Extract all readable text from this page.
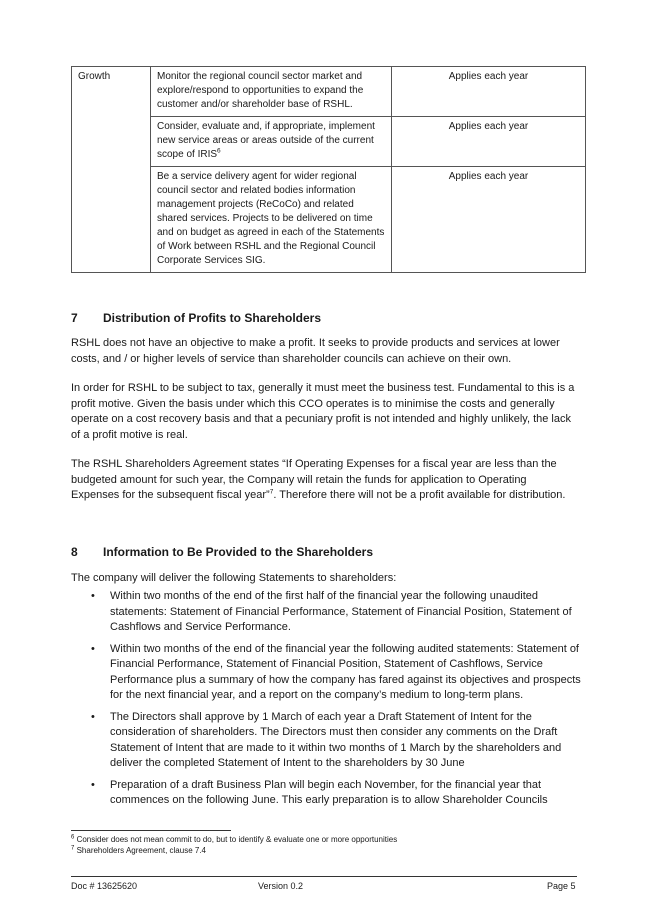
Growth	Monitor the regional council sector market and explore/respond to opportunities to expand the customer and/or shareholder base of RSHL.	Applies each year
	Consider, evaluate and, if appropriate, implement new service areas or areas outside of the current scope of IRIS$^6$	Applies each year
	Be a service delivery agent for wider regional council sector and related bodies information management projects (ReCoCo) and related shared services. Projects to be delivered on time and on budget as agreed in each of the Statements of Work between RSHL and the Regional Council Corporate Services SIG.	Applies each year
7 Distribution of Profits to Shareholders

RSHL does not have an objective to make a profit. It seeks to provide products and services at lower costs, and / or higher levels of service than shareholder councils can achieve on their own.

In order for RSHL to be subject to tax, generally it must meet the business test. Fundamental to this is a profit motive. Given the basis under which this CCO operates is to minimise the costs and generally operate on a cost recovery basis and that a pecuniary profit is not intended and highly unlikely, the lack of a profit motive is real.

The RSHL Shareholders Agreement states “If Operating Expenses for a fiscal year are less than the budgeted amount for such year, the Company will retain the funds for application to Operating Expenses for the subsequent fiscal year”$^7$. Therefore there will not be a profit available for distribution.

8 Information to Be Provided to the Shareholders

The company will deliver the following Statements to shareholders:

• Within two months of the end of the first half of the financial year the following unaudited statements: Statement of Financial Performance, Statement of Financial Position, Statement of Cashflows and Service Performance.
• Within two months of the end of the financial year the following audited statements: Statement of Financial Performance, Statement of Financial Position, Statement of Cashflows, Service Performance plus a summary of how the company has fared against its objectives and prospects for the next financial year, and a report on the company’s medium to long-term plans.
• The Directors shall approve by 1 March of each year a Draft Statement of Intent for the consideration of shareholders. The Directors must then consider any comments on the Draft Statement of Intent that are made to it within two months of 1 March by the shareholders and deliver the completed Statement of Intent to the shareholders by 30 June
• Preparation of a draft Business Plan will begin each November, for the financial year that commences on the following June. This early preparation is to allow Shareholder Councils
$^6$ Consider does not mean commit to do, but to identify & evaluate one or more opportunities
$^7$ Shareholders Agreement, clause 7.4
Doc # 13625620	Version 0.2	Page 5
